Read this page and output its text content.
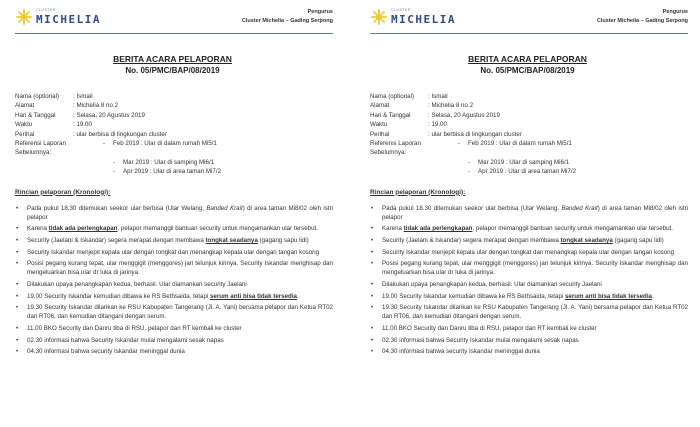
CLUSTER
MICHELIA
Pengurus
Cluster Michelia – Gading Serpong
BERITA ACARA PELAPORAN
No. 05/PMC/BAP/08/2019
Nama (optional)	: Ismail
Alamat	: Michelia 8 no.2
Hari & Tanggal	: Selasa, 20 Agustus 2019
Waktu	: 19.00
Perihal	: ular berbisa di lingkungan cluster
Referensi Laporan Sebelumnya:
- Feb 2019 : Ular di dalam rumah Mi5/1
- Mar 2019 : Ular di samping Mi6/1
- Apr 2019 : Ular di area taman Mi7/2
Rincian pelaporan (Kronologi):
• Pada pukul 18.30 ditemukan seekor ular berbisa (Ular Welang, Banded Krait) di area taman Mi8/02 oleh istri pelapor
• Karena tidak ada perlengkapan, pelapor memanggil bantuan security untuk mengamankan ular tersebut.
• Security (Jaelani & Iskandar) segera merapat dengan membawa tongkat seadanya (gagang sapu lidi)
• Security Iskandar menjepit kepala ular dengan tongkat dan menangkap kepala ular dengan tangan kosong
• Posisi pegang kurang tepat, ular menggigit (menggores) jari telunjuk kirinya. Security Iskandar menghisap dan mengeluarkan bisa ular dr luka di jarinya.
• Dilakukan upaya penangkapan kedua, berhasil. Ular diamankan security Jaelani
• 19.00 Security Iskandar kemudian dibawa ke RS Bethsaida, tetapi serum anti bisa tidak tersedia.
• 19.30 Security Iskandar dilarikan ke RSU Kabupaten Tangerang (Jl. A. Yani) bersama pelapor dan Ketua RT02 dan RT06, dan kemudian ditangani dengan serum.
• 11.00 BKO Security dan Danru tiba di RSU, pelapor dan RT kembali ke cluster
• 02.30 informasi bahwa Security Iskandar mulai mengalami sesak napas
• 04.30 informasi bahwa security Iskandar meninggal dunia
CLUSTER
MICHELIA
Pengurus
Cluster Michelia – Gading Serpong
BERITA ACARA PELAPORAN
No. 05/PMC/BAP/08/2019
Nama (optional)	: Ismail
Alamat	: Michelia 8 no.2
Hari & Tanggal	: Selasa, 20 Agustus 2019
Waktu	: 19.00
Perihal	: ular berbisa di lingkungan cluster
Referensi Laporan Sebelumnya:
- Feb 2019 : Ular di dalam rumah Mi5/1
- Mar 2019 : Ular di samping Mi6/1
- Apr 2019 : Ular di area taman Mi7/2
Rincian pelaporan (Kronologi):
• Pada pukul 18.30 ditemukan seekor ular berbisa (Ular Welang, Banded Krait) di area taman Mi8/02 oleh istri pelapor
• Karena tidak ada perlengkapan, pelapor memanggil bantuan security untuk mengamankan ular tersebut.
• Security (Jaelani & Iskandar) segera merapat dengan membawa tongkat seadanya (gagang sapu lidi)
• Security Iskandar menjepit kepala ular dengan tongkat dan menangkap kepala ular dengan tangan kosong
• Posisi pegang kurang tepat, ular menggigit (menggores) jari telunjuk kirinya. Security Iskandar menghisap dan mengeluarkan bisa ular dr luka di jarinya.
• Dilakukan upaya penangkapan kedua, berhasil. Ular diamankan security Jaelani
• 19.00 Security Iskandar kemudian dibawa ke RS Bethsaida, tetapi serum anti bisa tidak tersedia.
• 19.30 Security Iskandar dilarikan ke RSU Kabupaten Tangerang (Jl. A. Yani) bersama pelapor dan Ketua RT02 dan RT06, dan kemudian ditangani dengan serum.
• 11.00 BKO Security dan Danru tiba di RSU, pelapor dan RT kembali ke cluster
• 02.30 informasi bahwa Security Iskandar mulai mengalami sesak napas
• 04.30 informasi bahwa security Iskandar meninggal dunia
